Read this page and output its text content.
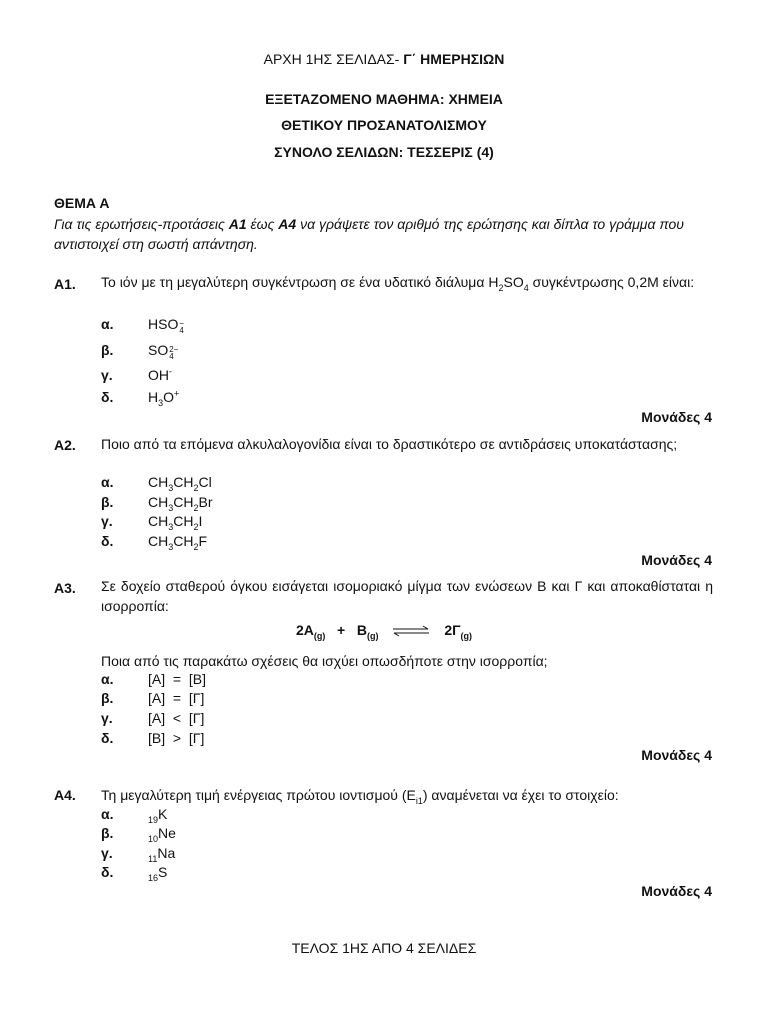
ΑΡΧΗ 1ΗΣ ΣΕΛΙΔΑΣ- Γ΄ ΗΜΕΡΗΣΙΩΝ
ΕΞΕΤΑΖΟΜΕΝΟ ΜΑΘΗΜΑ: ΧΗΜΕΙΑ
ΘΕΤΙΚΟΥ ΠΡΟΣΑΝΑΤΟΛΙΣΜΟΥ
ΣΥΝΟΛΟ ΣΕΛΙΔΩΝ: ΤΕΣΣΕΡΙΣ (4)
ΘΕΜΑ Α
Για τις ερωτήσεις-προτάσεις Α1 έως Α4 να γράψετε τον αριθμό της ερώτησης και δίπλα το γράμμα που αντιστοιχεί στη σωστή απάντηση.
Α1. Το ιόν με τη μεγαλύτερη συγκέντρωση σε ένα υδατικό διάλυμα $H_2SO_4$ συγκέντρωσης 0,2Μ είναι:
α. HSO−
4
β. SO2−
4
γ.	OH-
δ. $H_3O^+$
Μονάδες 4
Α2. Ποιο από τα επόμενα αλκυλαλογονίδια είναι το δραστικότερο σε αντιδράσεις υποκατάστασης;
α. $CH_3CH_2Cl$
β. $CH_3CH_2Br$
γ.	$CH_3CH_2I$
δ. $CH_3CH_2F$
Μονάδες 4
Α3. Σε δοχείο σταθερού όγκου εισάγεται ισομοριακό μίγμα των ενώσεων Β και Γ και αποκαθίσταται η ισορροπία:
$2A_{(g)} + B_{(g)}$ ⇌ $2\Gamma_{(g)}$
Ποια από τις παρακάτω σχέσεις θα ισχύει οπωσδήποτε στην ισορροπία;
α. [Α]  =  [Β]
β. [Α]  =  [Γ]
γ.	[Α]  <  [Γ]
δ. [Β]  >  [Γ]
Μονάδες 4
Α4. Τη μεγαλύτερη τιμή ενέργειας πρώτου ιοντισμού $(E_{i1})$ αναμένεται να έχει το στοιχείο:
α.	$_{19}$K
β.	$_{10}$Ne
γ.	$_{11}$Na
δ.	$_{16}$S
Μονάδες 4
ΤΕΛΟΣ 1ΗΣ ΑΠΟ 4 ΣΕΛΙΔΕΣ
